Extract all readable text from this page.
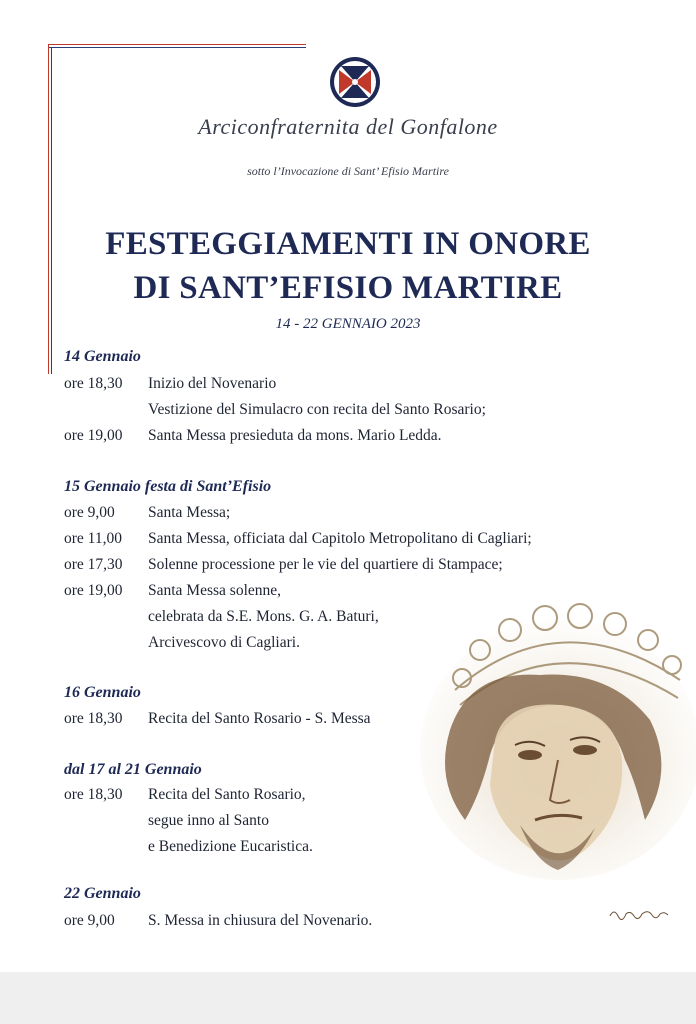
Arciconfraternita del Gonfalone
sotto l’Invocazione di Sant’ Efisio Martire
FESTEGGIAMENTI IN ONORE
DI SANT’EFISIO MARTIRE
14 - 22 GENNAIO 2023
14 Gennaio
ore 18,30	Inizio del Novenario
Vestizione del Simulacro con recita del Santo Rosario;
ore 19,00	Santa Messa presieduta da mons. Mario Ledda.
15 Gennaio festa di Sant’Efisio
ore 9,00	Santa Messa;
ore 11,00	Santa Messa, officiata dal Capitolo Metropolitano di Cagliari;
ore 17,30	Solenne processione per le vie del quartiere di Stampace;
ore 19,00	Santa Messa solenne,
celebrata da S.E. Mons. G. A. Baturi,
Arcivescovo di Cagliari.
16 Gennaio
ore 18,30	Recita del Santo Rosario - S. Messa
dal 17 al 21 Gennaio
ore 18,30	Recita del Santo Rosario,
segue inno al Santo
e Benedizione Eucaristica.
22 Gennaio
ore 9,00	S. Messa in chiusura del Novenario.
